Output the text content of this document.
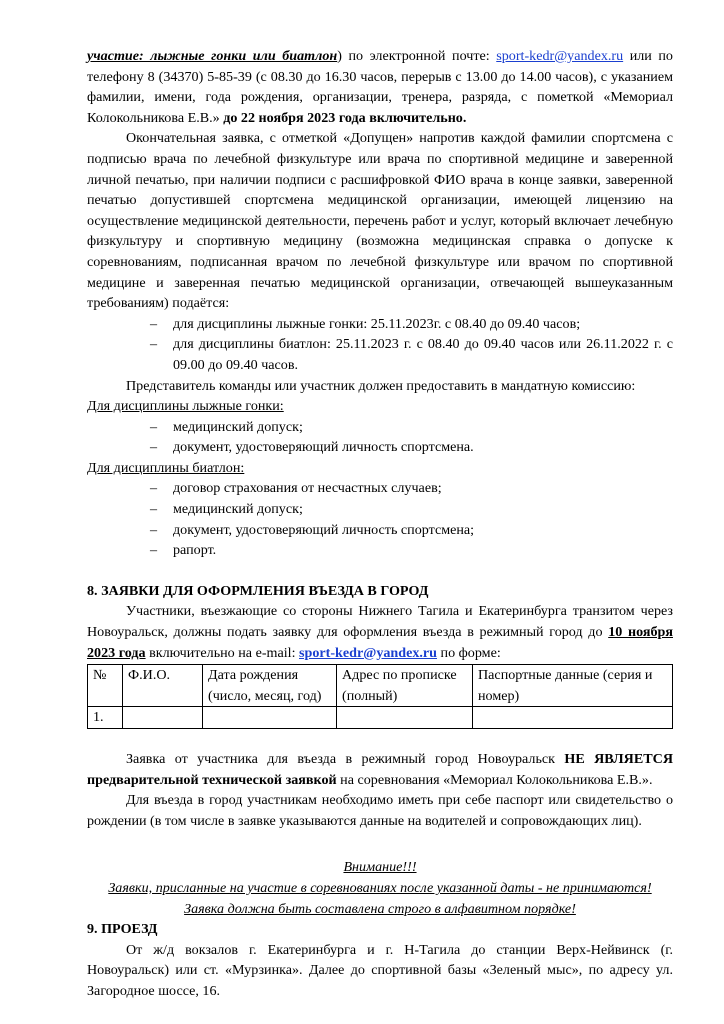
участие: лыжные гонки или биатлон) по электронной почте: sport-kedr@yandex.ru или по телефону 8 (34370) 5-85-39 (с 08.30 до 16.30 часов, перерыв с 13.00 до 14.00 часов), с указанием фамилии, имени, года рождения, организации, тренера, разряда, с пометкой «Мемориал Колокольникова Е.В.» до 22 ноября 2023 года включительно.

Окончательная заявка, с отметкой «Допущен» напротив каждой фамилии спортсмена с подписью врача по лечебной физкультуре или врача по спортивной медицине и заверенной личной печатью, при наличии подписи с расшифровкой ФИО врача в конце заявки, заверенной печатью допустившей спортсмена медицинской организации, имеющей лицензию на осуществление медицинской деятельности, перечень работ и услуг, который включает лечебную физкультуру и спортивную медицину (возможна медицинская справка о допуске к соревнованиям, подписанная врачом по лечебной физкультуре или врачом по спортивной медицине и заверенная печатью медицинской организации, отвечающей вышеуказанным требованиям) подаётся:

– для дисциплины лыжные гонки: 25.11.2023г. с 08.40 до 09.40 часов;
– для дисциплины биатлон: 25.11.2023 г. с 08.40 до 09.40 часов или 26.11.2022 г. с 09.00 до 09.40 часов.

Представитель команды или участник должен предоставить в мандатную комиссию:

Для дисциплины лыжные гонки:

– медицинский допуск;
– документ, удостоверяющий личность спортсмена.

Для дисциплины биатлон:

– договор страхования от несчастных случаев;
– медицинский допуск;
– документ, удостоверяющий личность спортсмена;
– рапорт.
8. ЗАЯВКИ ДЛЯ ОФОРМЛЕНИЯ ВЪЕЗДА В ГОРОД

Участники, въезжающие со стороны Нижнего Тагила и Екатеринбурга транзитом через Новоуральск, должны подать заявку для оформления въезда в режимный город до 10 ноября 2023 года включительно на e-mail: sport-kedr@yandex.ru по форме:

№	Ф.И.О.	Дата рождения (число, месяц, год)	Адрес по прописке (полный)	Паспортные данные (серия и номер)
1.				

Заявка от участника для въезда в режимный город Новоуральск НЕ ЯВЛЯЕТСЯ предварительной технической заявкой на соревнования «Мемориал Колокольникова Е.В.».

Для въезда в город участникам необходимо иметь при себе паспорт или свидетельство о рождении (в том числе в заявке указываются данные на водителей и сопровождающих лиц).

Внимание!!!

Заявки, присланные на участие в соревнованиях после указанной даты - не принимаются!

Заявка должна быть составлена строго в алфавитном порядке!

9. ПРОЕЗД

От ж/д вокзалов г. Екатеринбурга и г. Н-Тагила до станции Верх-Нейвинск (г. Новоуральск) или ст. «Мурзинка». Далее до спортивной базы «Зеленый мыс», по адресу ул. Загородное шоссе, 16.
